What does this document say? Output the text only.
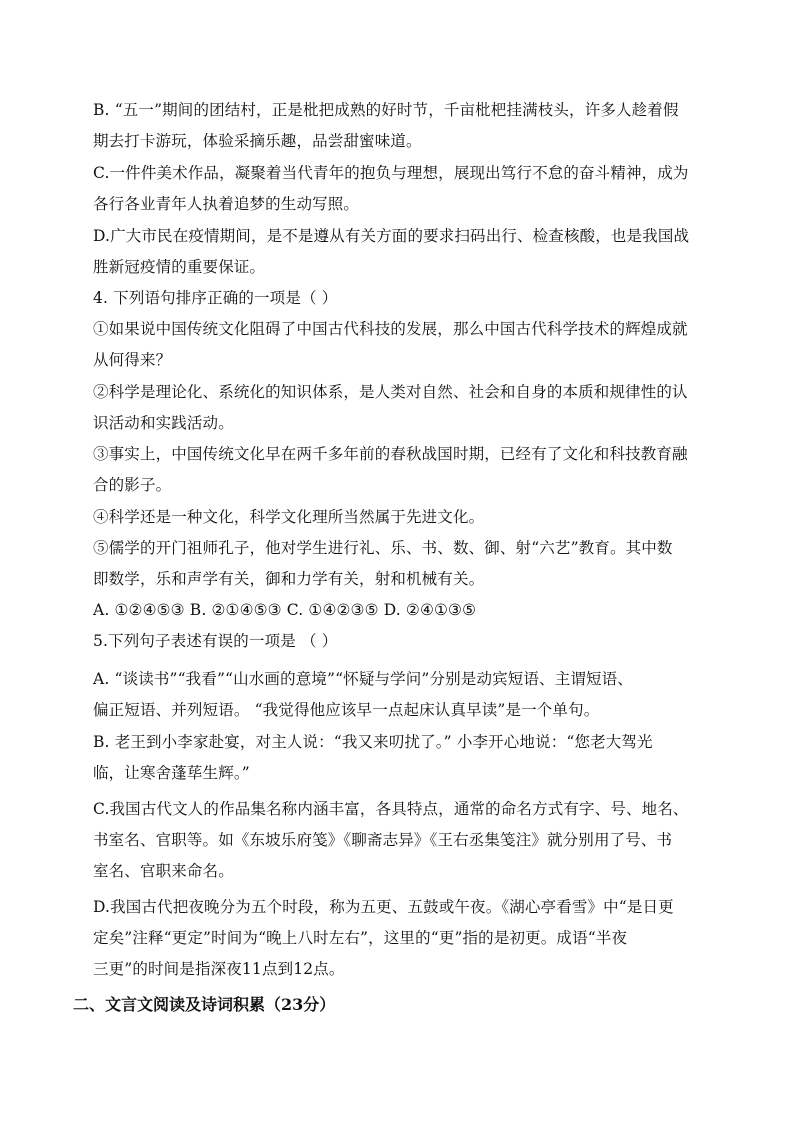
B. “五一”期间的团结村，正是枇把成熟的好时节，千亩枇杷挂满枝头，许多人趁着假
期去打卡游玩，体验采摘乐趣，品尝甜蜜味道。
C.一件件美术作品，凝聚着当代青年的抱负与理想，展现出笃行不怠的奋斗精神，成为
各行各业青年人执着追梦的生动写照。
D.广大市民在疫情期间，是不是遵从有关方面的要求扫码出行、检查核酸，也是我国战
胜新冠疫情的重要保证。
4. 下列语句排序正确的一项是（ ）
①如果说中国传统文化阻碍了中国古代科技的发展，那么中国古代科学技术的辉煌成就
从何得来？
②科学是理论化、系统化的知识体系，是人类对自然、社会和自身的本质和规律性的认
识活动和实践活动。
③事实上，中国传统文化早在两千多年前的春秋战国时期，已经有了文化和科技教育融
合的影子。
④科学还是一种文化，科学文化理所当然属于先进文化。
⑤儒学的开门祖师孔子，他对学生进行礼、乐、书、数、御、射“六艺”教育。其中数
即数学，乐和声学有关，御和力学有关，射和机械有关。
A. ①②④⑤③ B. ②①④⑤③ C. ①④②③⑤ D. ②④①③⑤
5.下列句子表述有误的一项是 （ ）
A. “谈读书”“我看”“山水画的意境”“怀疑与学问”分别是动宾短语、主谓短语、
偏正短语、并列短语。 “我觉得他应该早一点起床认真早读”是一个单句。
B. 老王到小李家赴宴，对主人说：“我又来叨扰了。” 小李开心地说：“您老大驾光
临，让寒舍蓬荜生辉。”
C.我国古代文人的作品集名称内涵丰富，各具特点，通常的命名方式有字、号、地名、
书室名、官职等。如《东坡乐府笺》《聊斋志异》《王右丞集笺注》就分别用了号、书
室名、官职来命名。
D.我国古代把夜晚分为五个时段，称为五更、五鼓或午夜。《湖心亭看雪》中“是日更
定矣”注释“更定”时间为“晚上八时左右”，这里的“更”指的是初更。成语“半夜
三更”的时间是指深夜11点到12点。
二、文言文阅读及诗词积累（23分）
